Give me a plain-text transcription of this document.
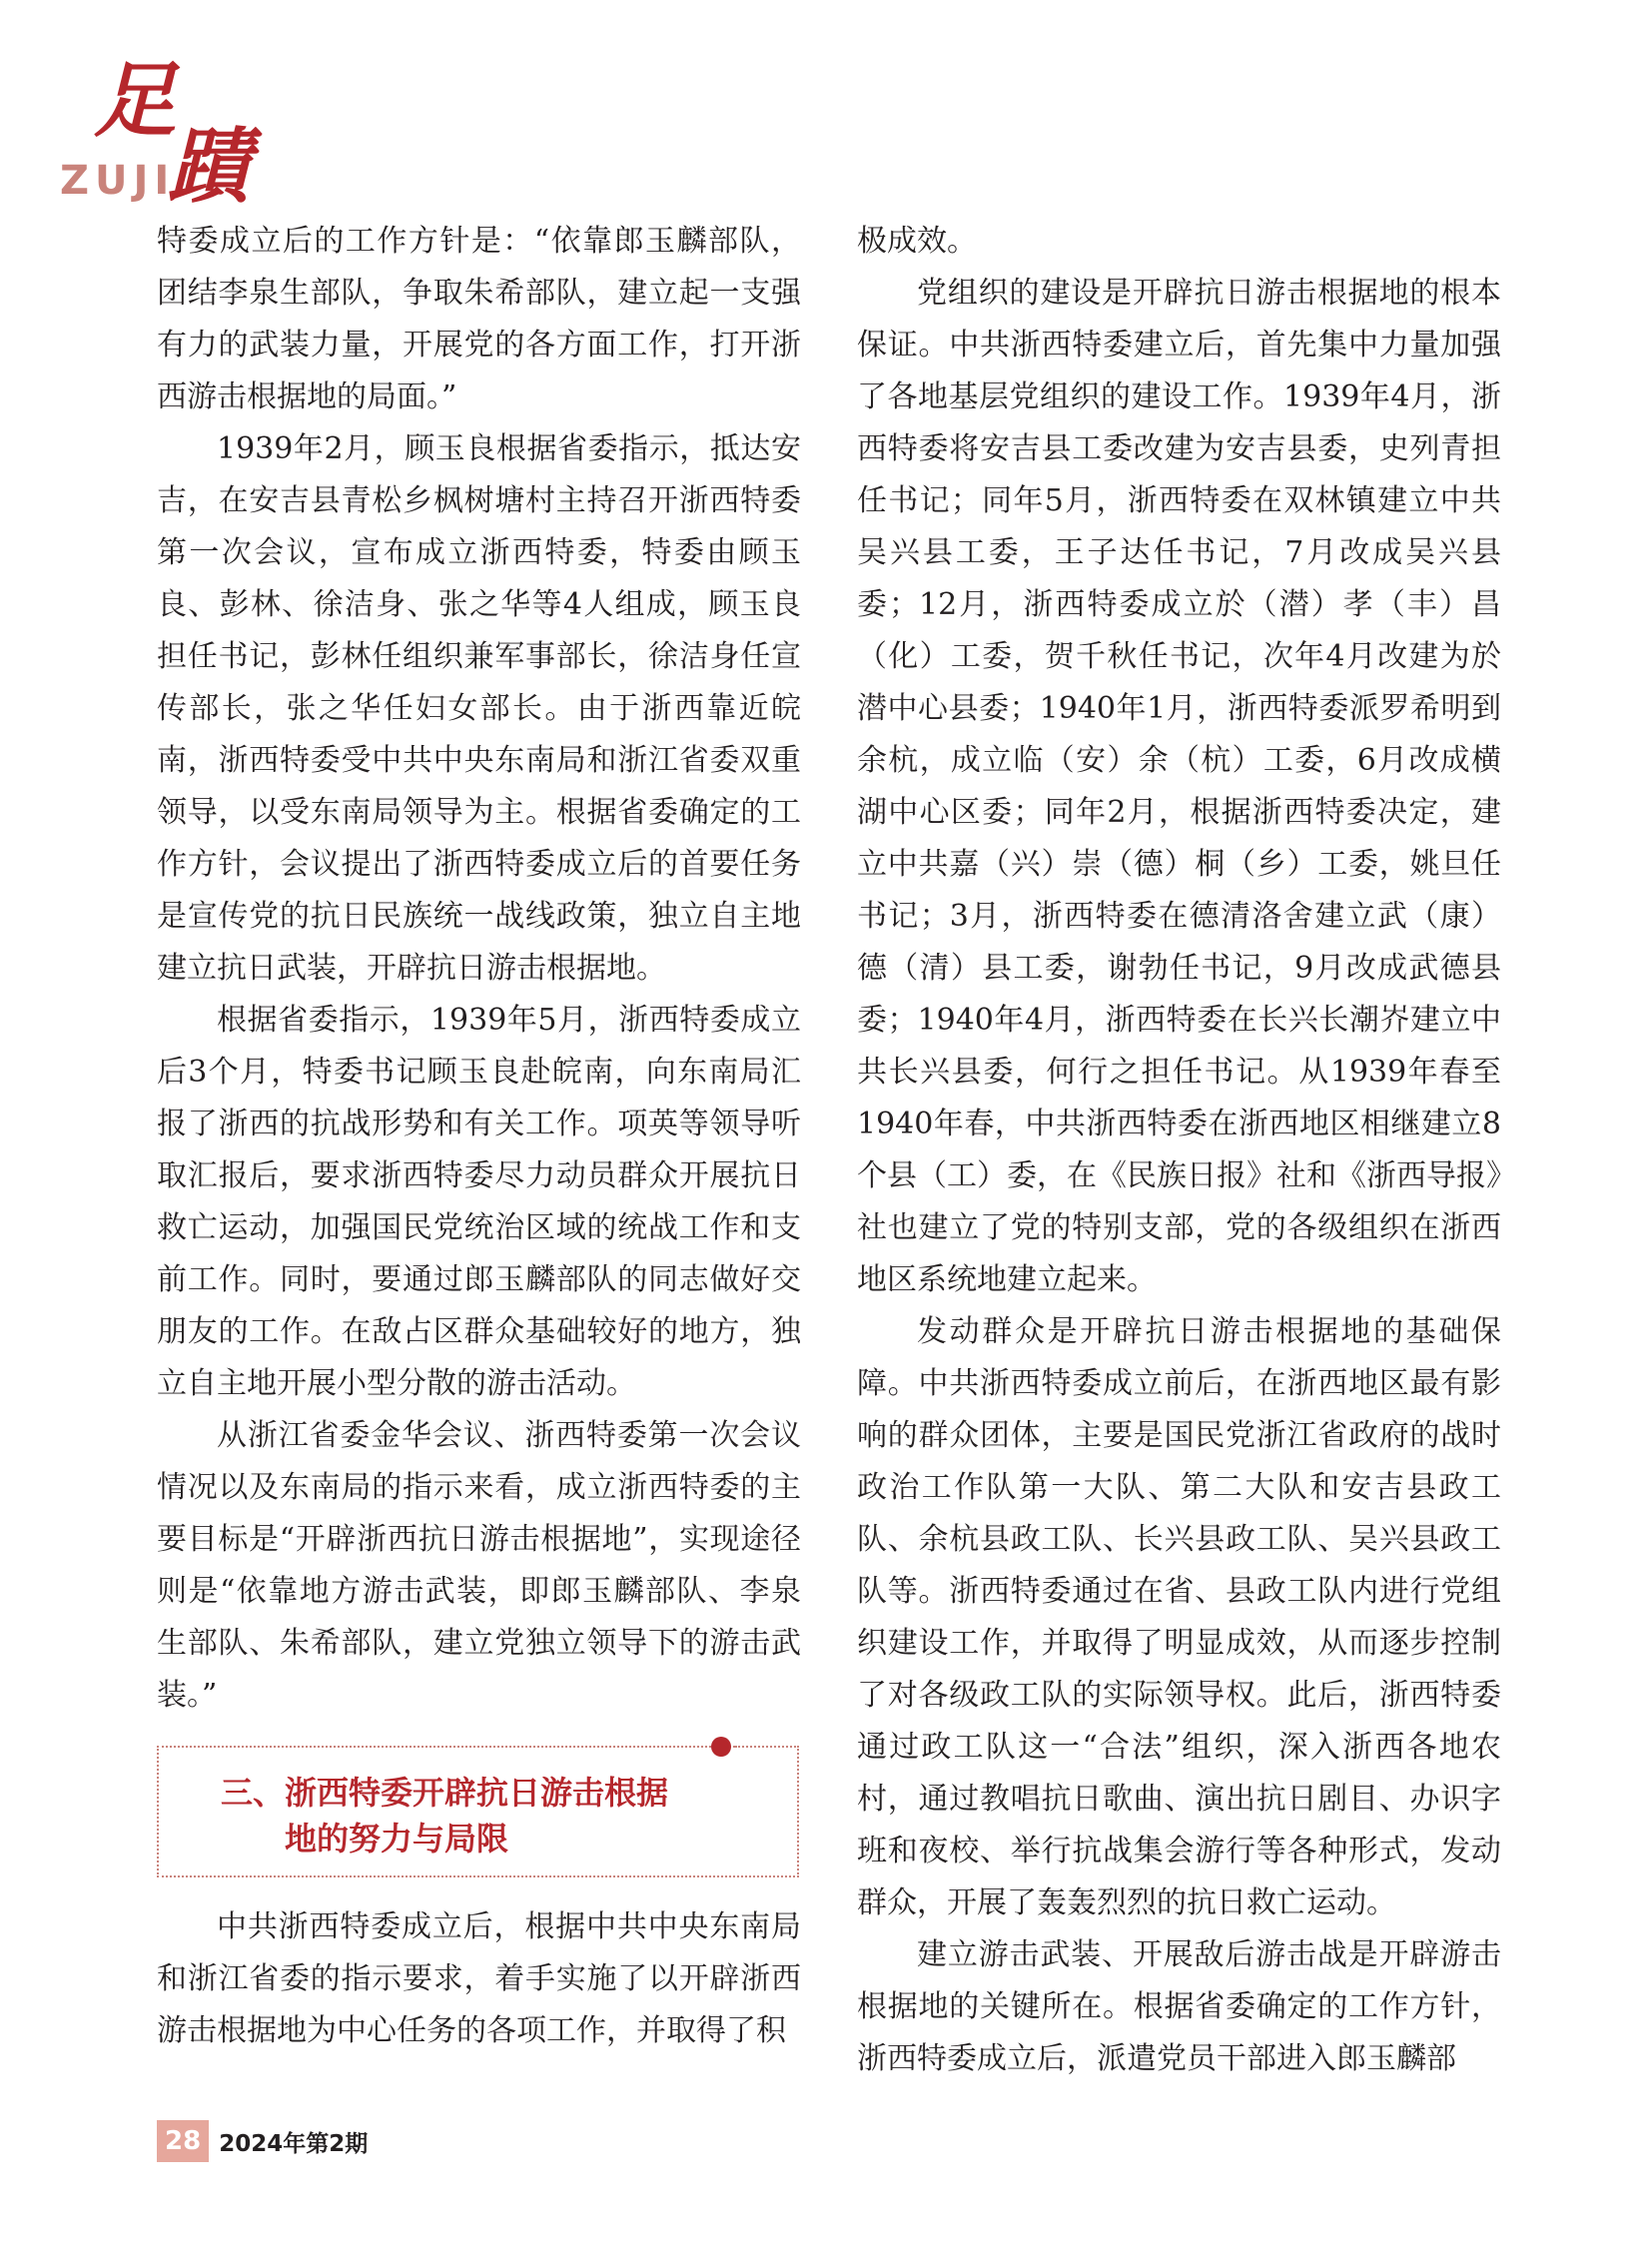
足
蹟
ZUJI

特委成立后的工作方针是：“依靠郎玉麟部队，团结李泉生部队，争取朱希部队，建立起一支强有力的武装力量，开展党的各方面工作，打开浙西游击根据地的局面。”

1939年2月，顾玉良根据省委指示，抵达安吉，在安吉县青松乡枫树塘村主持召开浙西特委第一次会议，宣布成立浙西特委，特委由顾玉良、彭林、徐洁身、张之华等4人组成，顾玉良担任书记，彭林任组织兼军事部长，徐洁身任宣传部长，张之华任妇女部长。由于浙西靠近皖南，浙西特委受中共中央东南局和浙江省委双重领导，以受东南局领导为主。根据省委确定的工作方针，会议提出了浙西特委成立后的首要任务是宣传党的抗日民族统一战线政策，独立自主地建立抗日武装，开辟抗日游击根据地。

根据省委指示，1939年5月，浙西特委成立后3个月，特委书记顾玉良赴皖南，向东南局汇报了浙西的抗战形势和有关工作。项英等领导听取汇报后，要求浙西特委尽力动员群众开展抗日救亡运动，加强国民党统治区域的统战工作和支前工作。同时，要通过郎玉麟部队的同志做好交朋友的工作。在敌占区群众基础较好的地方，独立自主地开展小型分散的游击活动。

从浙江省委金华会议、浙西特委第一次会议情况以及东南局的指示来看，成立浙西特委的主要目标是“开辟浙西抗日游击根据地”，实现途径则是“依靠地方游击武装，即郎玉麟部队、李泉生部队、朱希部队，建立党独立领导下的游击武装。”

三、浙西特委开辟抗日游击根据
地的努力与局限

中共浙西特委成立后，根据中共中央东南局和浙江省委的指示要求，着手实施了以开辟浙西游击根据地为中心任务的各项工作，并取得了积

极成效。

党组织的建设是开辟抗日游击根据地的根本保证。中共浙西特委建立后，首先集中力量加强了各地基层党组织的建设工作。1939年4月，浙西特委将安吉县工委改建为安吉县委，史列青担任书记；同年5月，浙西特委在双林镇建立中共吴兴县工委，王子达任书记，7月改成吴兴县委；12月，浙西特委成立於（潜）孝（丰）昌（化）工委，贺千秋任书记，次年4月改建为於潜中心县委；1940年1月，浙西特委派罗希明到余杭，成立临（安）余（杭）工委，6月改成横湖中心区委；同年2月，根据浙西特委决定，建立中共嘉（兴）崇（德）桐（乡）工委，姚旦任书记；3月，浙西特委在德清洛舍建立武（康）德（清）县工委，谢勃任书记，9月改成武德县委；1940年4月，浙西特委在长兴长潮岕建立中共长兴县委，何行之担任书记。从1939年春至1940年春，中共浙西特委在浙西地区相继建立8个县（工）委，在《民族日报》社和《浙西导报》社也建立了党的特别支部，党的各级组织在浙西地区系统地建立起来。

发动群众是开辟抗日游击根据地的基础保障。中共浙西特委成立前后，在浙西地区最有影响的群众团体，主要是国民党浙江省政府的战时政治工作队第一大队、第二大队和安吉县政工队、余杭县政工队、长兴县政工队、吴兴县政工队等。浙西特委通过在省、县政工队内进行党组织建设工作，并取得了明显成效，从而逐步控制了对各级政工队的实际领导权。此后，浙西特委通过政工队这一“合法”组织，深入浙西各地农村，通过教唱抗日歌曲、演出抗日剧目、办识字班和夜校、举行抗战集会游行等各种形式，发动群众，开展了轰轰烈烈的抗日救亡运动。

建立游击武装、开展敌后游击战是开辟游击根据地的关键所在。根据省委确定的工作方针，浙西特委成立后，派遣党员干部进入郎玉麟部

28 2024年第2期
